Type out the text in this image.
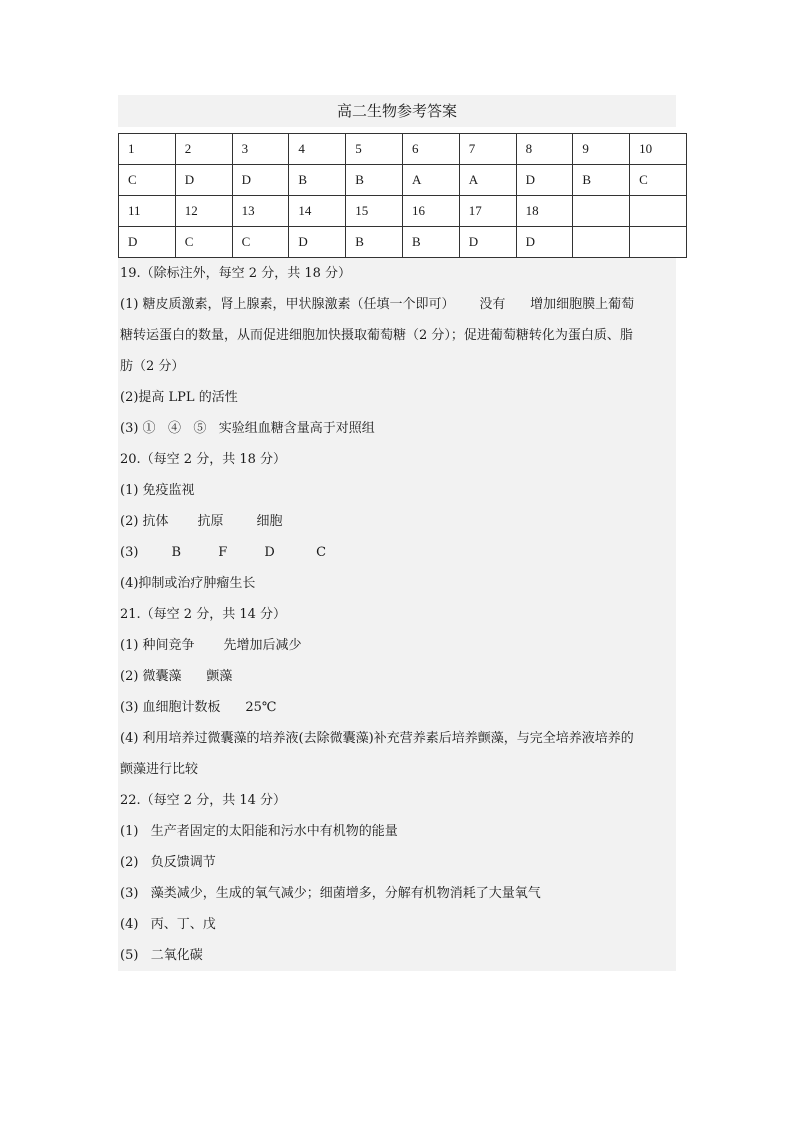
高二生物参考答案
1	2	3	4	5	6	7	8	9	10
C	D	D	B	B	A	A	D	B	C
11	12	13	14	15	16	17	18		
D	C	C	D	B	B	D	D		
19.（除标注外，每空 2 分，共 18 分）
(1) 糖皮质激素，肾上腺素，甲状腺激素（任填一个即可）      没有      增加细胞膜上葡萄
糖转运蛋白的数量，从而促进细胞加快摄取葡萄糖（2 分）；促进葡萄糖转化为蛋白质、脂
肪（2 分）
(2)提高 LPL 的活性
(3) ①   ④   ⑤   实验组血糖含量高于对照组
20.（每空 2 分，共 18 分）
(1) 免疫监视
(2) 抗体       抗原        细胞
(3)        B         F         D          C
(4)抑制或治疗肿瘤生长
21.（每空 2 分，共 14 分）
(1) 种间竞争       先增加后减少
(2) 微囊藻      颤藻
(3) 血细胞计数板      25℃
(4) 利用培养过微囊藻的培养液(去除微囊藻)补充营养素后培养颤藻，与完全培养液培养的
颤藻进行比较
22.（每空 2 分，共 14 分）
(1)   生产者固定的太阳能和污水中有机物的能量
(2)   负反馈调节
(3)   藻类减少，生成的氧气减少；细菌增多，分解有机物消耗了大量氧气
(4)   丙、丁、戊
(5)   二氧化碳
